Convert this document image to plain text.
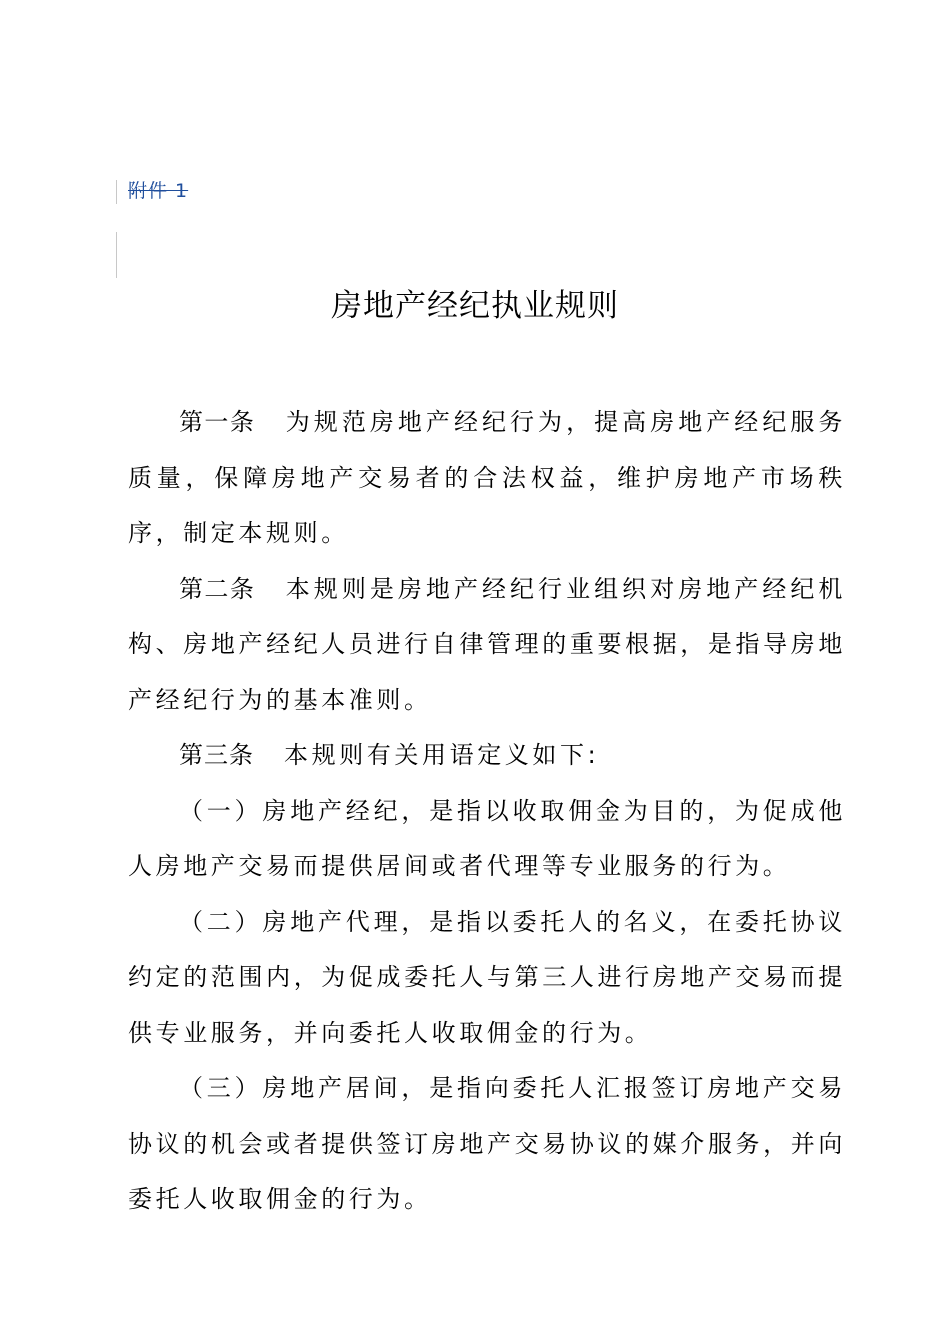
附件 1
房地产经纪执业规则

第一条 为规范房地产经纪行为，提高房地产经纪服务质量，保障房地产交易者的合法权益，维护房地产市场秩序，制定本规则。

第二条 本规则是房地产经纪行业组织对房地产经纪机构、房地产经纪人员进行自律管理的重要根据，是指导房地产经纪行为的基本准则。

第三条 本规则有关用语定义如下:

（一）房地产经纪，是指以收取佣金为目的，为促成他人房地产交易而提供居间或者代理等专业服务的行为。

（二）房地产代理，是指以委托人的名义，在委托协议约定的范围内，为促成委托人与第三人进行房地产交易而提供专业服务，并向委托人收取佣金的行为。

（三）房地产居间，是指向委托人汇报签订房地产交易协议的机会或者提供签订房地产交易协议的媒介服务，并向委托人收取佣金的行为。
